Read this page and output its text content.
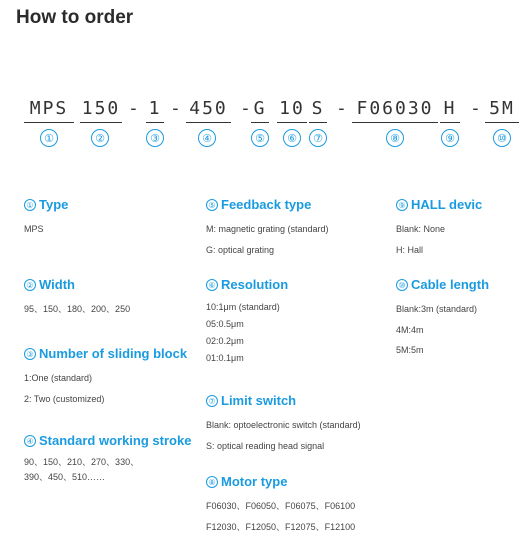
How to order
MPS	-
150	-
1	-
450 G 10 S - F06030 H - 5M
①	②	③	④	⑤	⑥	⑦	⑧	⑨	⑩
① Type
MPS
② Width
95、150、180、200、250
③ Number of sliding block
1:One (standard)
2: Two (customized)
④ Standard working stroke
90、150、210、270、330、
390、450、510……
⑤ Feedback type
M: magnetic grating (standard)
G: optical grating
⑥ Resolution
10:1μm (standard)
05:0.5μm
02:0.2μm
01:0.1μm
⑦ Limit switch
Blank: optoelectronic switch (standard)
S: optical reading head signal
⑧ Motor type
F06030、F06050、F06075、F06100
F12030、F12050、F12075、F12100
⑨ HALL devic
Blank: None
H: Hall
⑩ Cable length
Blank:3m (standard)
4M:4m
5M:5m
